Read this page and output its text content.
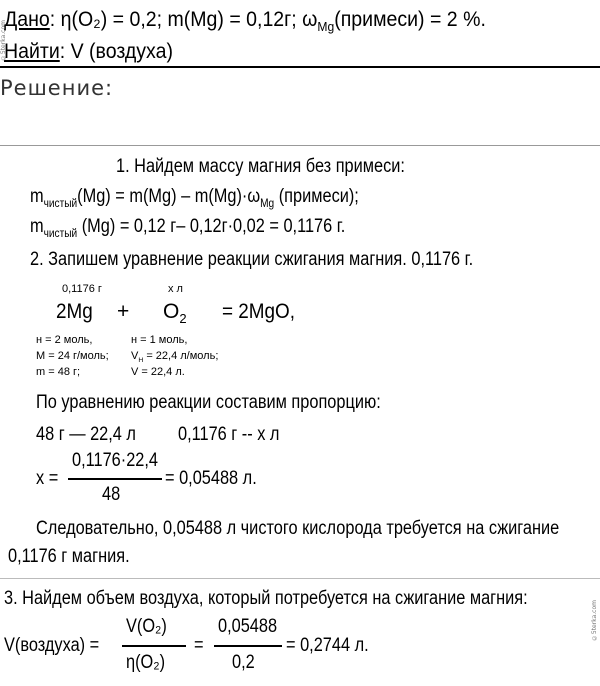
Дано: η(O₂) = 0,2; m(Mg) = 0,12г; $\omega_{Mg}(примеси) = 2$ %.
Найти: V (воздуха)
Решение:
1. Найдем массу магния без примеси:
$m_{чистый}(Mg) = m(Mg) - m(Mg)\cdot\omega_{Mg}$ (примеси);
$m_{чистый}$ (Mg) = 0,12 г– 0,12г·0,02 = 0,1176 г.
2. Запишем уравнение реакции сжигания магния. 0,1176 г.
0,1176 г	х л
$2Mg + O_2 = 2MgO$,
н = 2 моль,
М = 24 г/моль;
m = 48 г;
н = 1 моль,
$V_Н = 22,4$ л/моль;
V = 22,4 л.
По уравнению реакции составим пропорцию:
48 г — 22,4 л 0,1176 г -- х л
х =
0,1176·22,4
48
= 0,05488 л.
Следовательно, 0,05488 л чистого кислорода требуется на сжигание
0,1176 г магния.
3. Найдем объем воздуха, который потребуется на сжигание магния:
V(воздуха) =
V(O₂)
η(O₂)
=
0,05488
0,2
= 0,2744 л.
©5terka.com
©5terka.com
